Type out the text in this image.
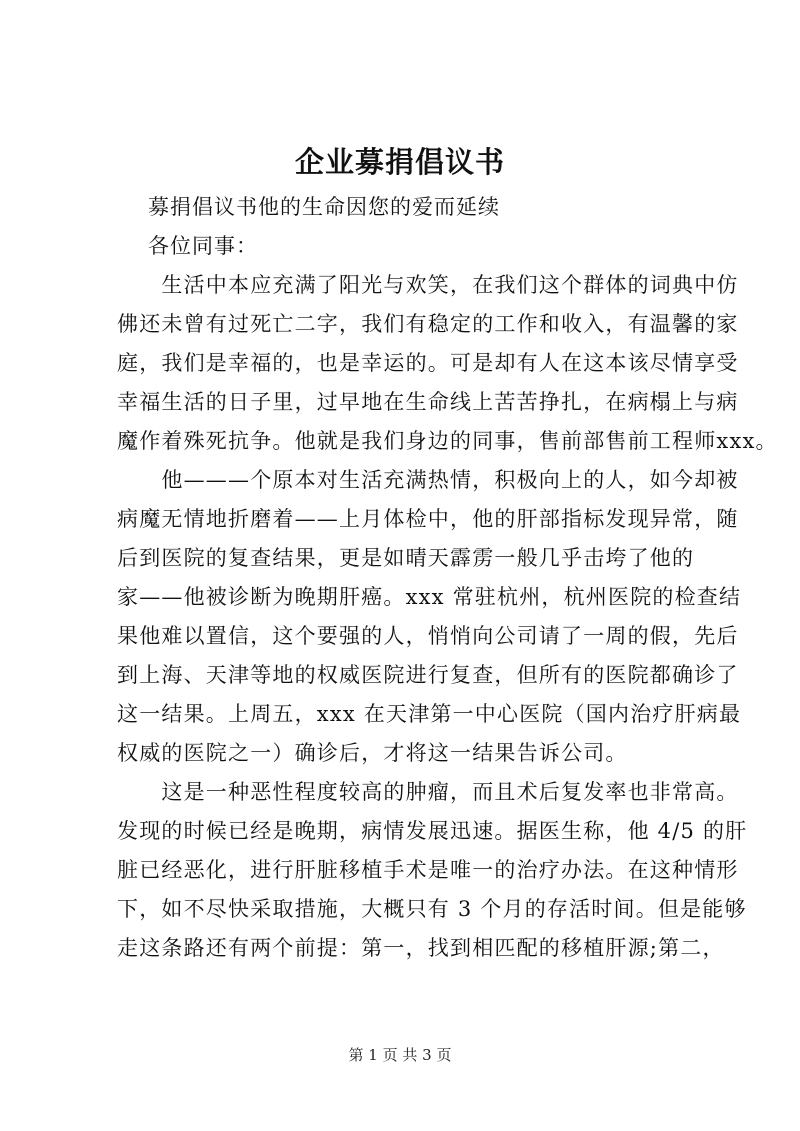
企业募捐倡议书
募捐倡议书他的生命因您的爱而延续
各位同事：
　　生活中本应充满了阳光与欢笑，在我们这个群体的词典中仿
佛还未曾有过死亡二字，我们有稳定的工作和收入，有温馨的家
庭，我们是幸福的，也是幸运的。可是却有人在这本该尽情享受
幸福生活的日子里，过早地在生命线上苦苦挣扎，在病榻上与病
魔作着殊死抗争。他就是我们身边的同事，售前部售前工程师xxx。
　　他———个原本对生活充满热情，积极向上的人，如今却被
病魔无情地折磨着——上月体检中，他的肝部指标发现异常，随
后到医院的复查结果，更是如晴天霹雳一般几乎击垮了他的
家——他被诊断为晚期肝癌。xxx 常驻杭州，杭州医院的检查结
果他难以置信，这个要强的人，悄悄向公司请了一周的假，先后
到上海、天津等地的权威医院进行复查，但所有的医院都确诊了
这一结果。上周五，xxx 在天津第一中心医院（国内治疗肝病最
权威的医院之一）确诊后，才将这一结果告诉公司。
　　这是一种恶性程度较高的肿瘤，而且术后复发率也非常高。
发现的时候已经是晚期，病情发展迅速。据医生称，他 4/5 的肝
脏已经恶化，进行肝脏移植手术是唯一的治疗办法。在这种情形
下，如不尽快采取措施，大概只有 3 个月的存活时间。但是能够
走这条路还有两个前提：第一，找到相匹配的移植肝源;第二，
第 1 页 共 3 页
